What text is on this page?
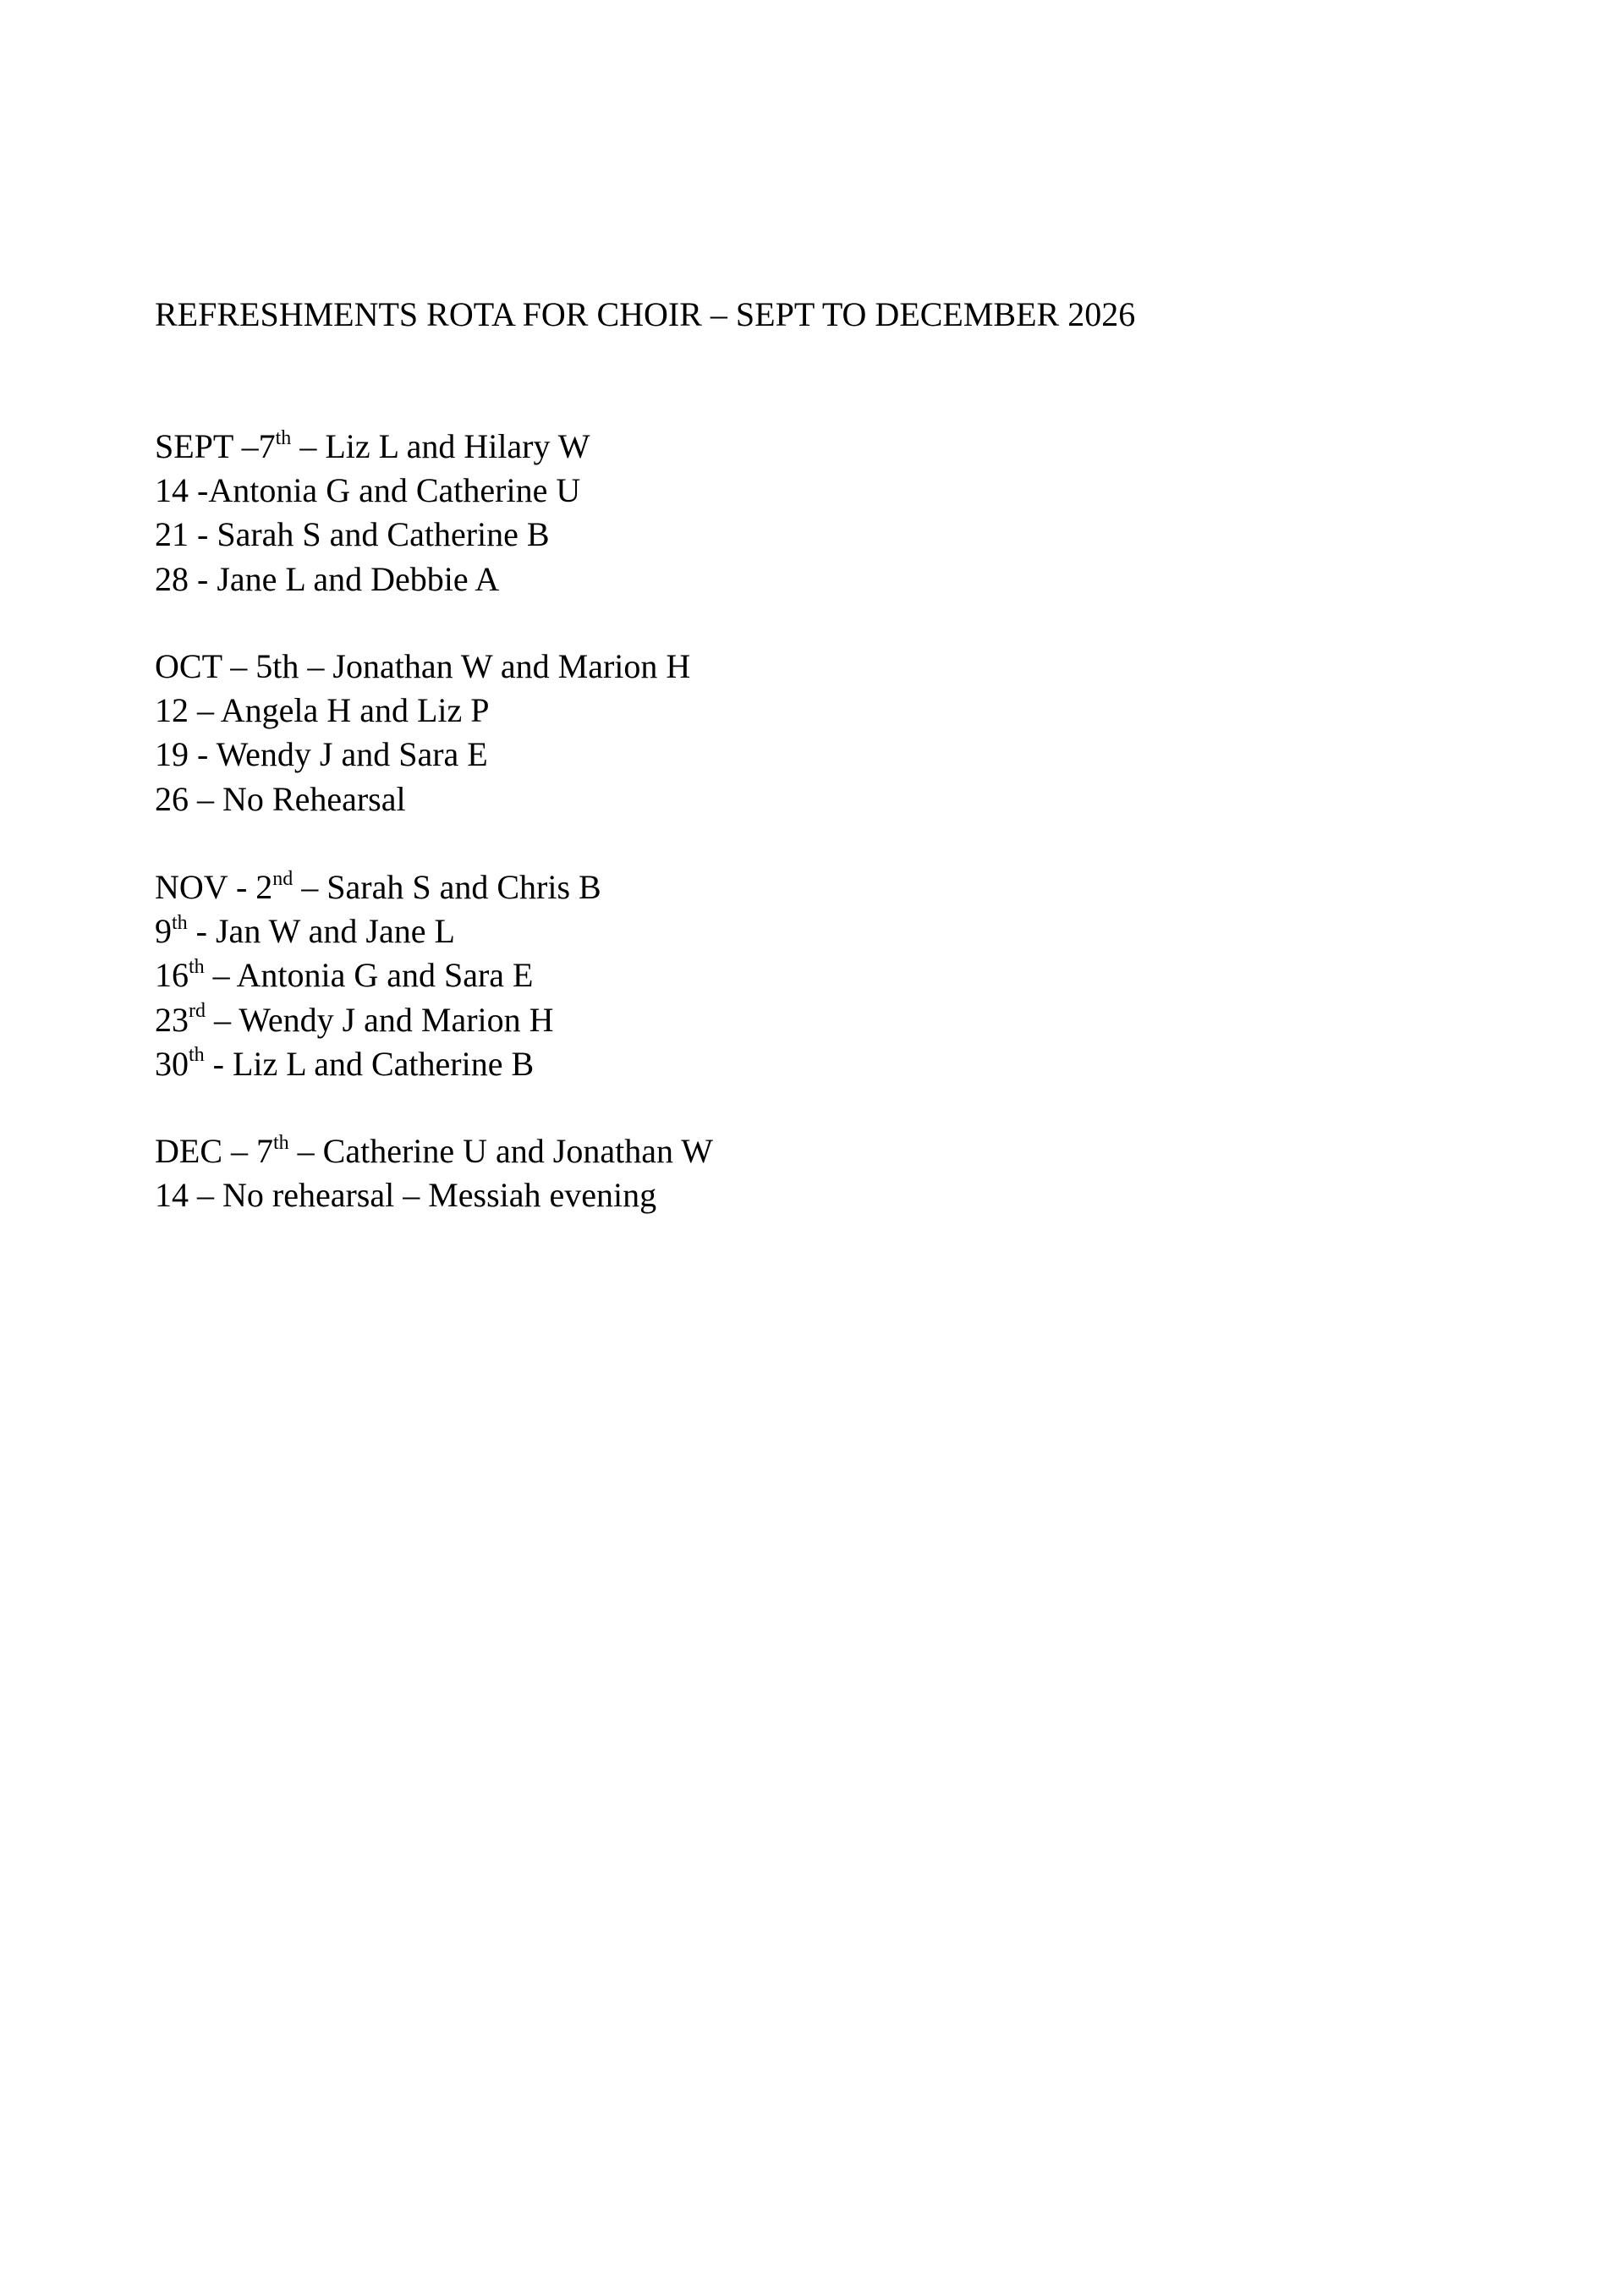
REFRESHMENTS ROTA FOR CHOIR – SEPT TO DECEMBER 2026
SEPT –7th – Liz L and Hilary W
14 -Antonia G and Catherine U
21 - Sarah S and Catherine B
28 - Jane L and Debbie A
OCT – 5th – Jonathan W and Marion H
12 – Angela H and Liz P
19 - Wendy J and Sara E
26 – No Rehearsal
NOV - 2nd – Sarah S and Chris B
9th - Jan W and Jane L
16th – Antonia G and Sara E
23rd – Wendy J and Marion H
30th - Liz L and Catherine B
DEC – 7th – Catherine U and Jonathan W
14 – No rehearsal – Messiah evening
